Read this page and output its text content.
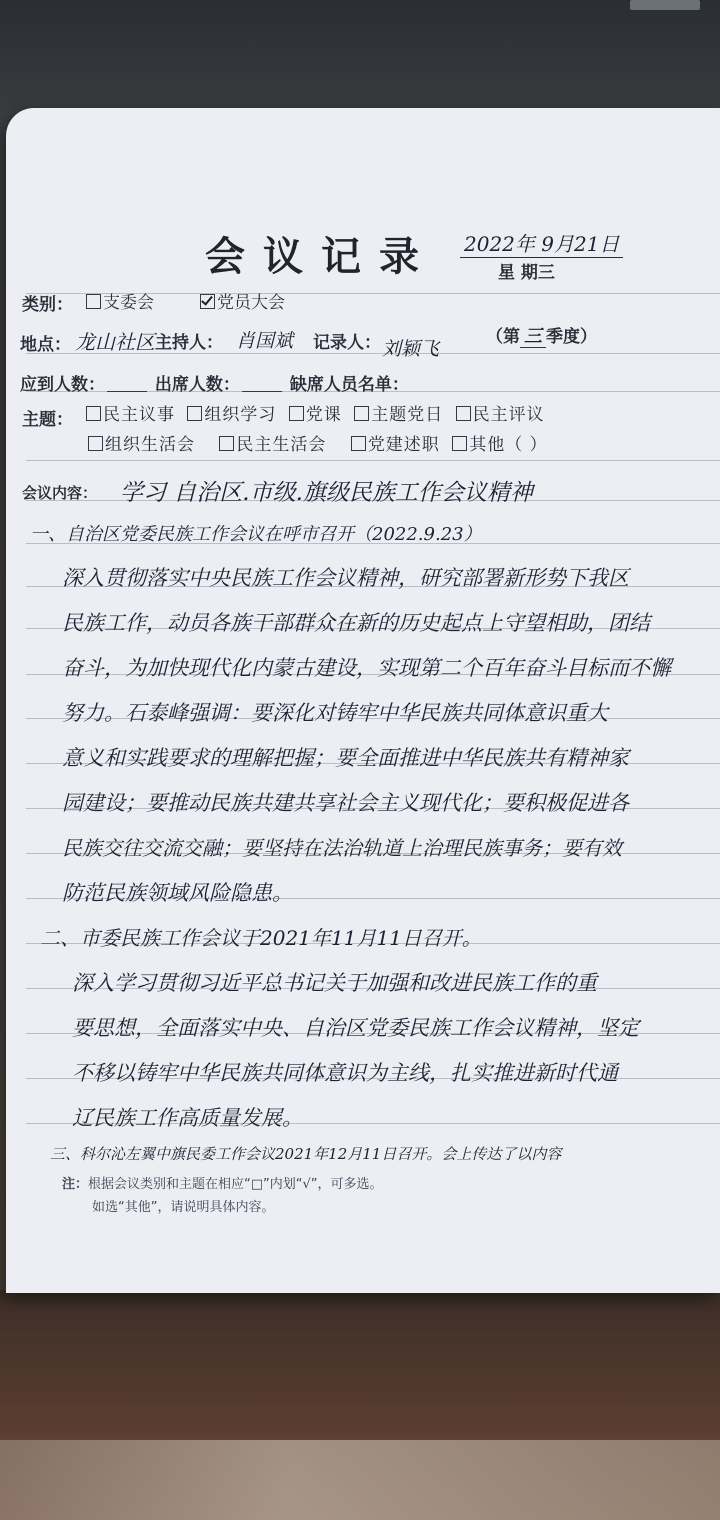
会议记录 2022年 9月21日
星 期三
类别：	支委会	党员大会
地点： 龙山社区 主持人： 肖国斌 记录人： 刘颖飞
（第 三 季度）
应到人数：	出席人数：	缺席人员名单：
主题：	民主议事 组织学习 党课 主题党日 民主评议
组织生活会 民主生活会 党建述职 其他（ ）
会议内容： 学习 自治区.市级.旗级民族工作会议精神
一、自治区党委民族工作会议在呼市召开（2022.9.23）
深入贯彻落实中央民族工作会议精神，研究部署新形势下我区
民族工作，动员各族干部群众在新的历史起点上守望相助，团结
奋斗，为加快现代化内蒙古建设，实现第二个百年奋斗目标而不懈
努力。石泰峰强调：要深化对铸牢中华民族共同体意识重大
意义和实践要求的理解把握；要全面推进中华民族共有精神家
园建设；要推动民族共建共享社会主义现代化；要积极促进各
民族交往交流交融；要坚持在法治轨道上治理民族事务；要有效
防范民族领域风险隐患。
二、市委民族工作会议于2021年11月11日召开。
深入学习贯彻习近平总书记关于加强和改进民族工作的重
要思想，全面落实中央、自治区党委民族工作会议精神，坚定
不移以铸牢中华民族共同体意识为主线，扎实推进新时代通
辽民族工作高质量发展。
三、科尔沁左翼中旗民委工作会议2021年12月11日召开。会上传达了以内容
注：根据会议类别和主题在相应“□”内划“√”，可多选。
如选“其他”，请说明具体内容。
